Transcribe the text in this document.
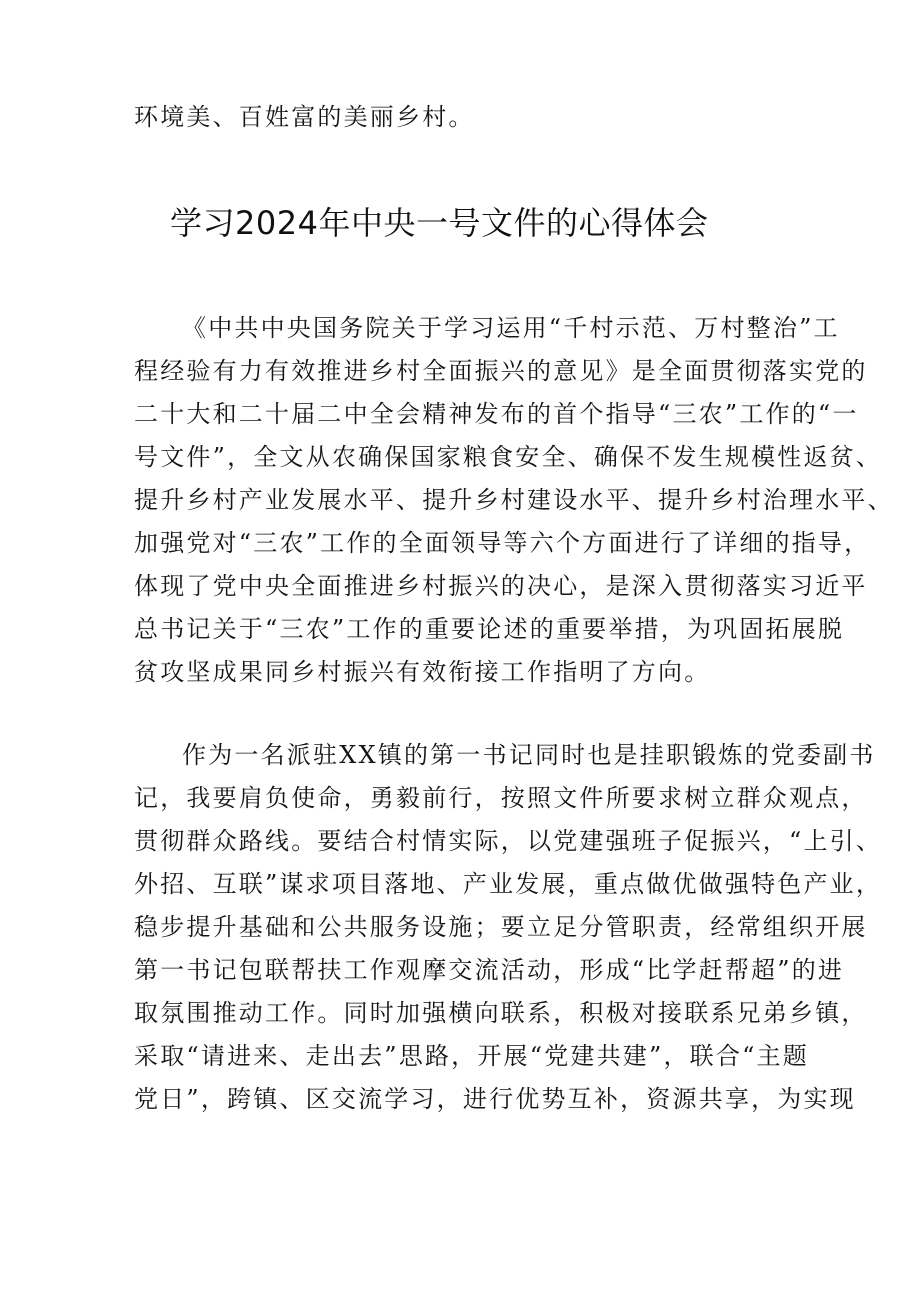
环境美、百姓富的美丽乡村。
学习2024年中央一号文件的心得体会
《中共中央国务院关于学习运用“千村示范、万村整治”工
程经验有力有效推进乡村全面振兴的意见》是全面贯彻落实党的
二十大和二十届二中全会精神发布的首个指导“三农”工作的“一
号文件”，全文从农确保国家粮食安全、确保不发生规模性返贫、
提升乡村产业发展水平、提升乡村建设水平、提升乡村治理水平、
加强党对“三农”工作的全面领导等六个方面进行了详细的指导，
体现了党中央全面推进乡村振兴的决心，是深入贯彻落实习近平
总书记关于“三农”工作的重要论述的重要举措，为巩固拓展脱
贫攻坚成果同乡村振兴有效衔接工作指明了方向。
作为一名派驻XX镇的第一书记同时也是挂职锻炼的党委副书
记，我要肩负使命，勇毅前行，按照文件所要求树立群众观点，
贯彻群众路线。要结合村情实际，以党建强班子促振兴，“上引、
外招、互联”谋求项目落地、产业发展，重点做优做强特色产业，
稳步提升基础和公共服务设施；要立足分管职责，经常组织开展
第一书记包联帮扶工作观摩交流活动，形成“比学赶帮超”的进
取氛围推动工作。同时加强横向联系，积极对接联系兄弟乡镇，
采取“请进来、走出去”思路，开展“党建共建”，联合“主题
党日”，跨镇、区交流学习，进行优势互补，资源共享，为实现
